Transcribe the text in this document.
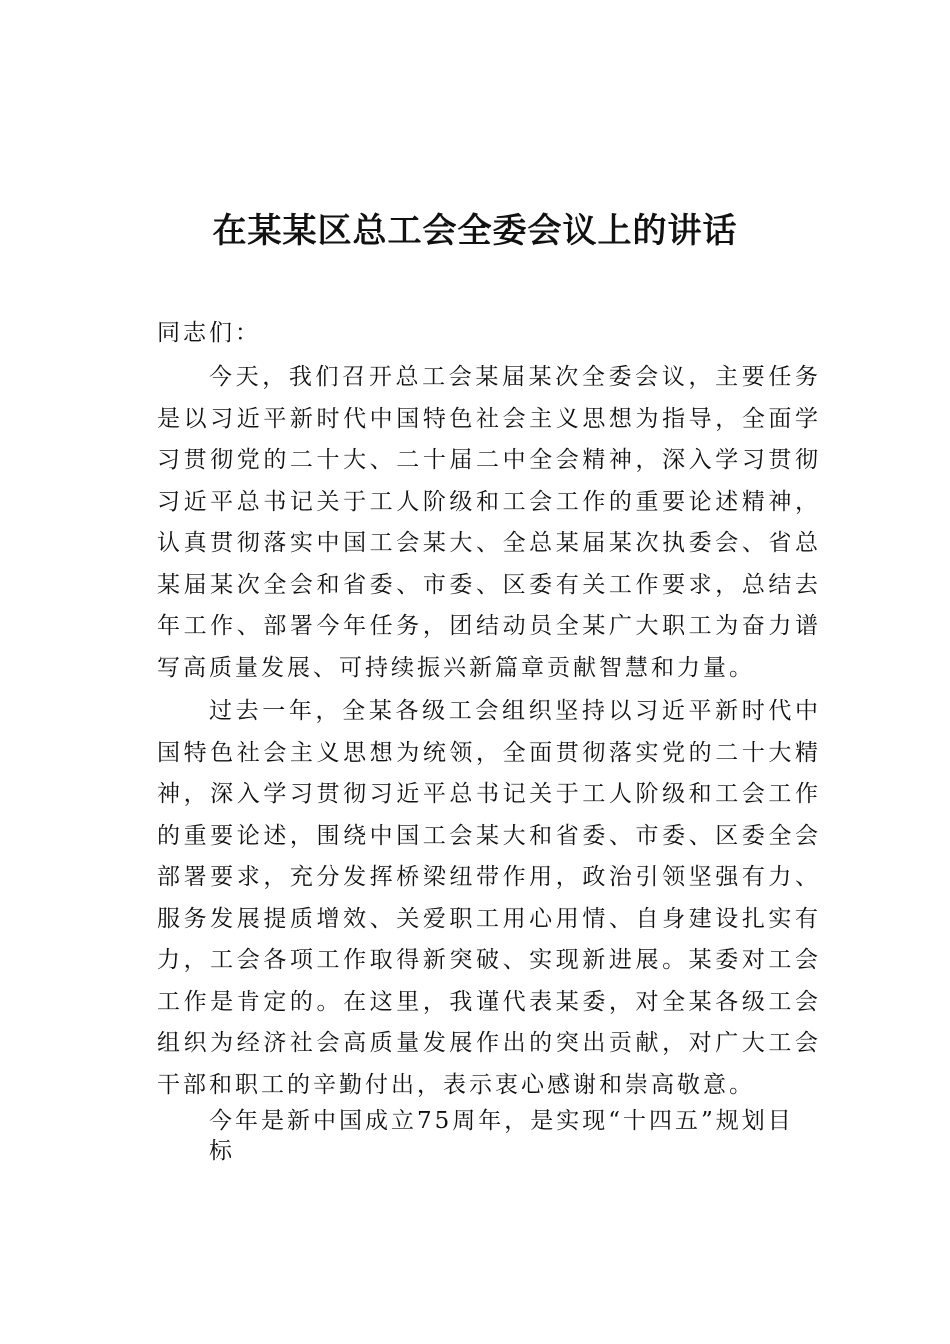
在某某区总工会全委会议上的讲话

同志们：

今天，我们召开总工会某届某次全委会议，主要任务是以习近平新时代中国特色社会主义思想为指导，全面学习贯彻党的二十大、二十届二中全会精神，深入学习贯彻习近平总书记关于工人阶级和工会工作的重要论述精神，认真贯彻落实中国工会某大、全总某届某次执委会、省总某届某次全会和省委、市委、区委有关工作要求，总结去年工作、部署今年任务，团结动员全某广大职工为奋力谱写高质量发展、可持续振兴新篇章贡献智慧和力量。

过去一年，全某各级工会组织坚持以习近平新时代中国特色社会主义思想为统领，全面贯彻落实党的二十大精神，深入学习贯彻习近平总书记关于工人阶级和工会工作的重要论述，围绕中国工会某大和省委、市委、区委全会部署要求，充分发挥桥梁纽带作用，政治引领坚强有力、服务发展提质增效、关爱职工用心用情、自身建设扎实有力，工会各项工作取得新突破、实现新进展。某委对工会工作是肯定的。在这里，我谨代表某委，对全某各级工会组织为经济社会高质量发展作出的突出贡献，对广大工会干部和职工的辛勤付出，表示衷心感谢和崇高敬意。

今年是新中国成立75周年，是实现“十四五”规划目标
